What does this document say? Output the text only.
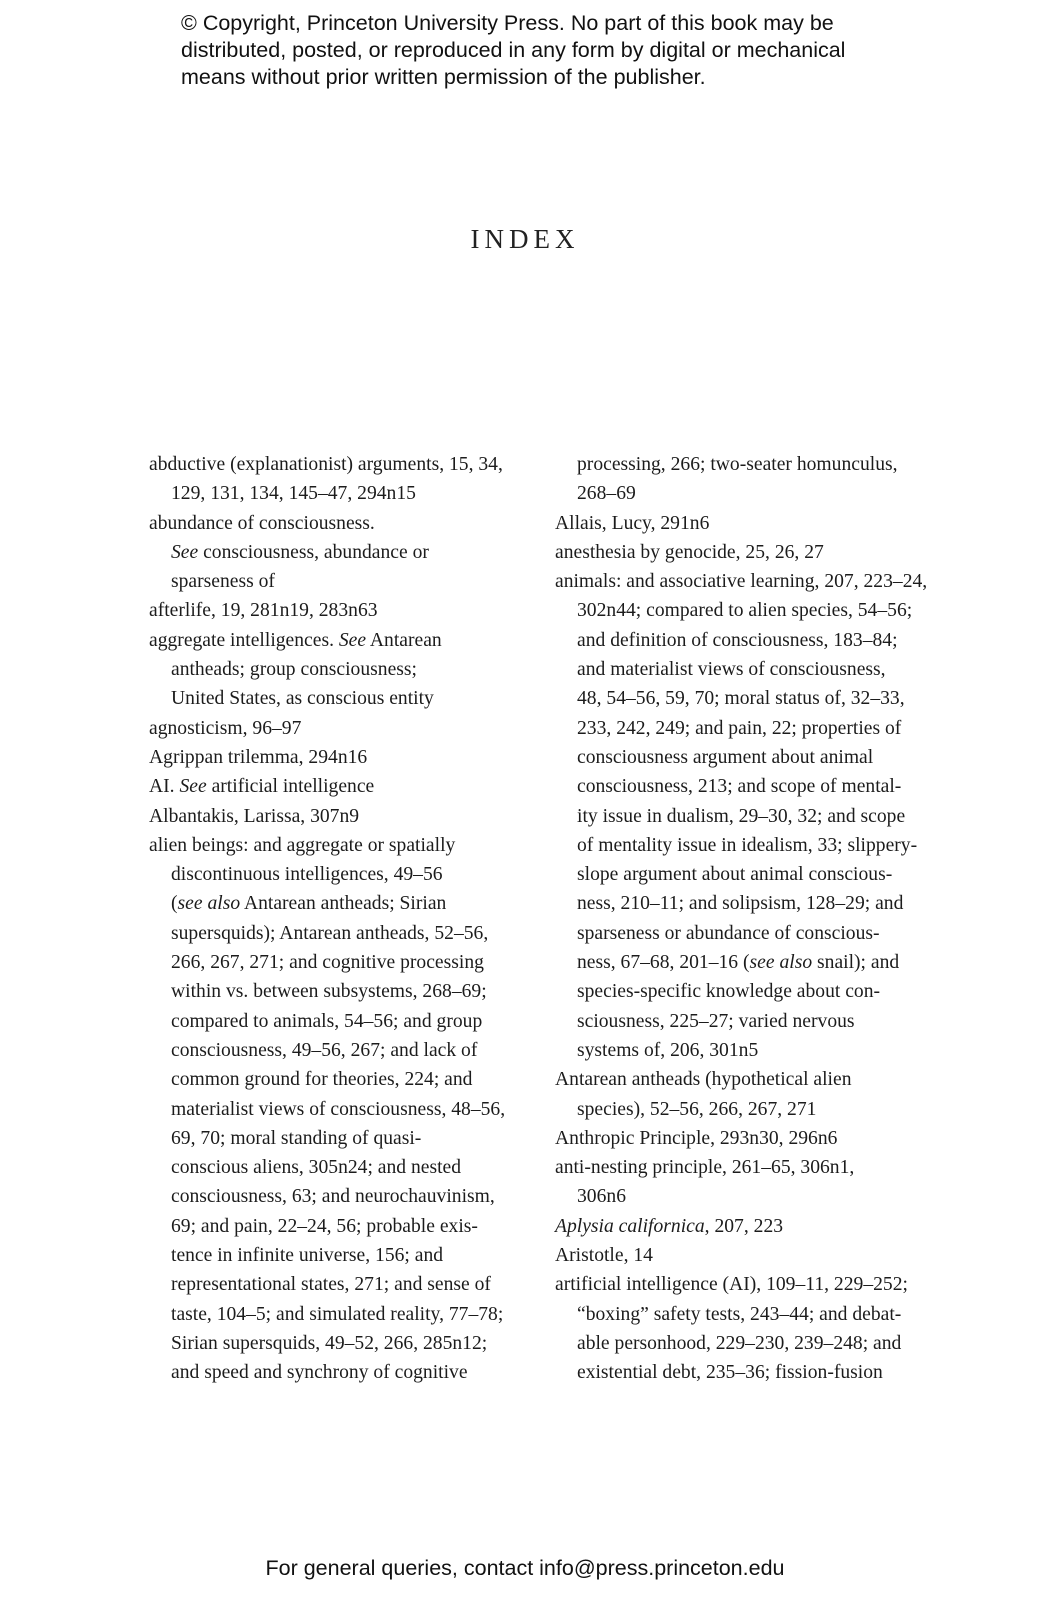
© Copyright, Princeton University Press. No part of this book may be
distributed, posted, or reproduced in any form by digital or mechanical
means without prior written permission of the publisher.
INDEX
abductive (explanationist) arguments, 15, 34,
129, 131, 134, 145–47, 294n15
abundance of consciousness.
See consciousness, abundance or
sparseness of
afterlife, 19, 281n19, 283n63
aggregate intelligences. See Antarean
antheads; group consciousness;
United States, as conscious entity
agnosticism, 96–97
Agrippan trilemma, 294n16
AI. See artificial intelligence
Albantakis, Larissa, 307n9
alien beings: and aggregate or spatially
discontinuous intelligences, 49–56
(see also Antarean antheads; Sirian
supersquids); Antarean antheads, 52–56,
266, 267, 271; and cognitive processing
within vs. between subsystems, 268–69;
compared to animals, 54–56; and group
consciousness, 49–56, 267; and lack of
common ground for theories, 224; and
materialist views of consciousness, 48–56,
69, 70; moral standing of quasi-
conscious aliens, 305n24; and nested
consciousness, 63; and neurochauvinism,
69; and pain, 22–24, 56; probable exis-
tence in infinite universe, 156; and
representational states, 271; and sense of
taste, 104–5; and simulated reality, 77–78;
Sirian supersquids, 49–52, 266, 285n12;
and speed and synchrony of cognitive
processing, 266; two-seater homunculus,
268–69
Allais, Lucy, 291n6
anesthesia by genocide, 25, 26, 27
animals: and associative learning, 207, 223–24,
302n44; compared to alien species, 54–56;
and definition of consciousness, 183–84;
and materialist views of consciousness,
48, 54–56, 59, 70; moral status of, 32–33,
233, 242, 249; and pain, 22; properties of
consciousness argument about animal
consciousness, 213; and scope of mental-
ity issue in dualism, 29–30, 32; and scope
of mentality issue in idealism, 33; slippery-
slope argument about animal conscious-
ness, 210–11; and solipsism, 128–29; and
sparseness or abundance of conscious-
ness, 67–68, 201–16 (see also snail); and
species-specific knowledge about con-
sciousness, 225–27; varied nervous
systems of, 206, 301n5
Antarean antheads (hypothetical alien
species), 52–56, 266, 267, 271
Anthropic Principle, 293n30, 296n6
anti-nesting principle, 261–65, 306n1,
306n6
Aplysia californica, 207, 223
Aristotle, 14
artificial intelligence (AI), 109–11, 229–252;
“boxing” safety tests, 243–44; and debat-
able personhood, 229–230, 239–248; and
existential debt, 235–36; fission-fusion
For general queries, contact info@press.princeton.edu
